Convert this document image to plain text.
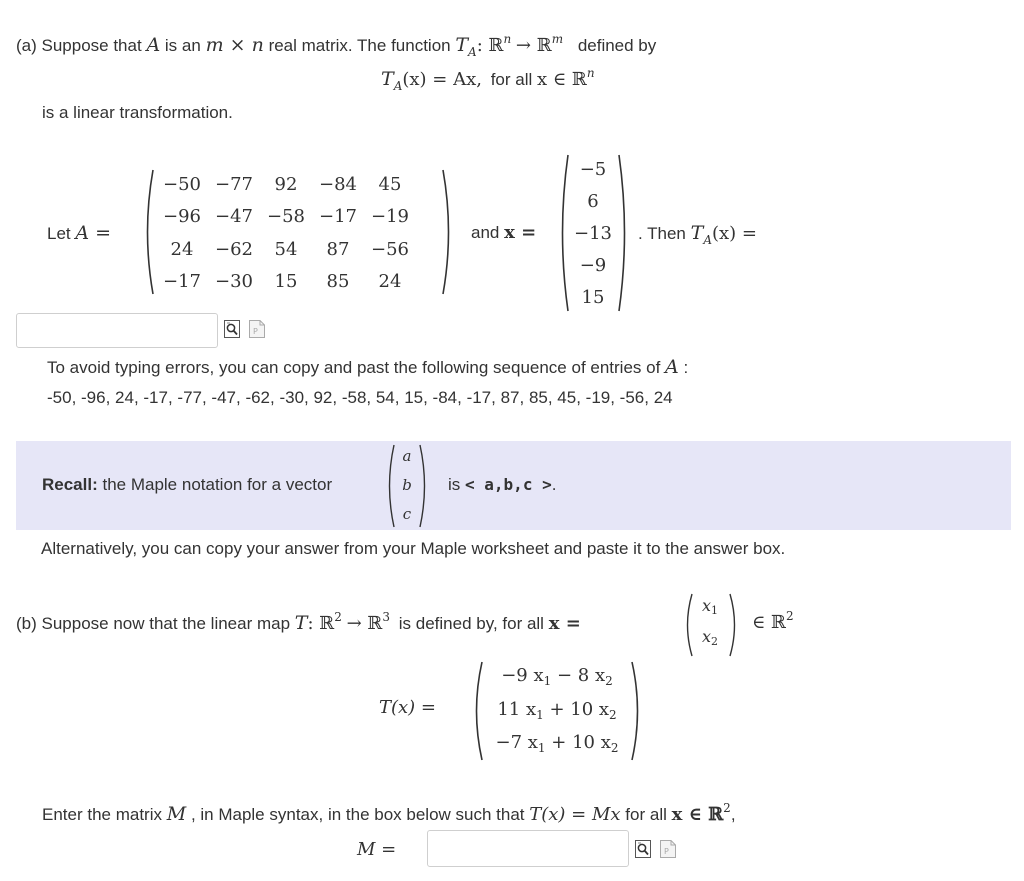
(a) Suppose that A is an m × n real matrix. The function $T_A$: ℝ$^n$ → ℝ$^m$ defined by
$T_A(x) = Ax$, for all x ∈ ℝ$^n$
is a linear transformation.
Let A =
−50	−77	92	−84	45
−96	−47	−58	−17	−19
24	−62	54	87	−56
−17	−30	15	85	24
and x =
−5
6
−13
−9
15
. Then $T_A(x)$ =
P
To avoid typing errors, you can copy and past the following sequence of entries of A :
-50, -96, 24, -17, -77, -47, -62, -30, 92, -58, 54, 15, -84, -17, 87, 85, 45, -19, -56, 24
Recall: the Maple notation for a vector
a
b
c
is < a,b,c >.
Alternatively, you can copy your answer from your Maple worksheet and paste it to the answer box.
(b) Suppose now that the linear map T: ℝ$^2$ → ℝ$^3$ is defined by, for all x =
x1
x2
∈ ℝ$^2$
T(x) =
−9 $x_1 - 8$ $x_2$
11 $x_1 + 10$ $x_2$
−7 $x_1 + 10$ $x_2$
Enter the matrix M , in Maple syntax, in the box below such that T(x) = Mx for all x ∈ ℝ$^2$,
M =	P
